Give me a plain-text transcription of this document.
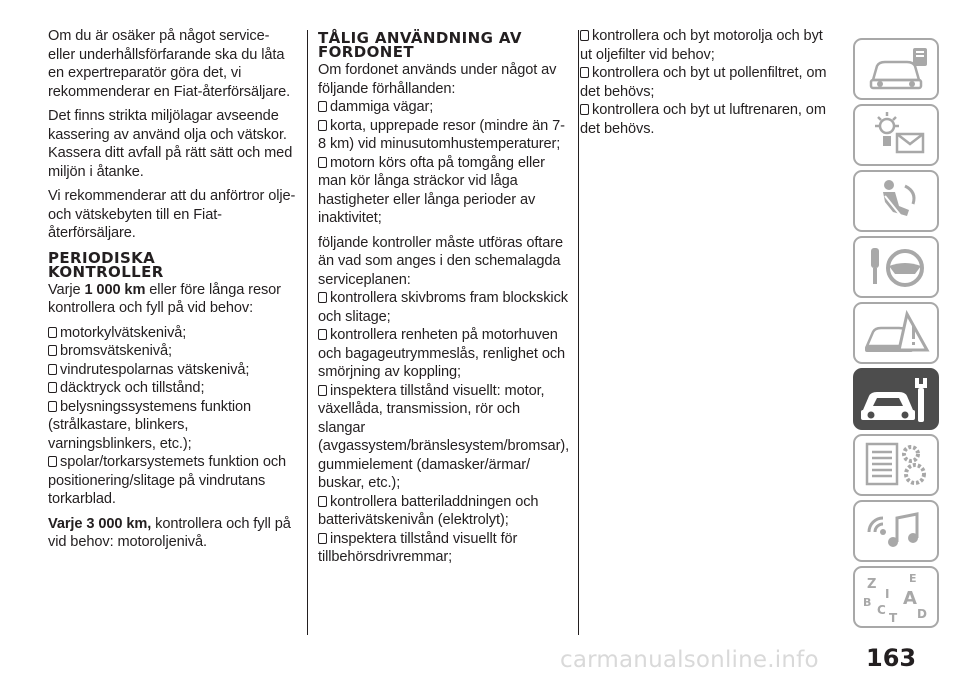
Om du är osäker på något service- eller underhållsförfarande ska du låta en expertreparatör göra det, vi rekommenderar en Fiat-återförsäljare.

Det finns strikta miljölagar avseende kassering av använd olja och vätskor. Kassera ditt avfall på rätt sätt och med miljön i åtanke.

Vi rekommenderar att du anförtror olje- och vätskebyten till en Fiat-återförsäljare.

PERIODISKA
KONTROLLER

Varje 1 000 km eller före långa resor kontrollera och fyll på vid behov:

motorkylvätskenivå;
bromsvätskenivå;
vindrutespolarnas vätskenivå;
däcktryck och tillstånd;
belysningssystemens funktion (strålkastare, blinkers, varningsblinkers, etc.);
spolar/torkarsystemets funktion och positionering/slitage på vindrutans torkarblad.

Varje 3 000 km, kontrollera och fyll på vid behov: motoroljenivå.

TÅLIG ANVÄNDNING AV
FORDONET
Om fordonet används under något av följande förhållanden:
dammiga vägar;
korta, upprepade resor (mindre än 7-8 km) vid minusutomhustemperaturer;
motorn körs ofta på tomgång eller man kör långa sträckor vid låga hastigheter eller långa perioder av inaktivitet;
följande kontroller måste utföras oftare än vad som anges i den schemalagda serviceplanen:
kontrollera skivbroms fram blockskick och slitage;
kontrollera renheten på motorhuven och bagageutrymmeslås, renlighet och smörjning av koppling;
inspektera tillstånd visuellt: motor, växellåda, transmission, rör och slangar (avgassystem/bränslesystem/bromsar), gummielement (damasker/ärmar/ buskar, etc.);
kontrollera batteriladdningen och batterivätskenivån (elektrolyt);
inspektera tillstånd visuellt för tillbehörsdrivremmar;
kontrollera och byt motorolja och byt ut oljefilter vid behov;
kontrollera och byt ut pollenfiltret, om det behövs;
kontrollera och byt ut luftrenaren, om det behövs.
Z	E
B A
C	D
T
I
carmanualsonline.info 163
